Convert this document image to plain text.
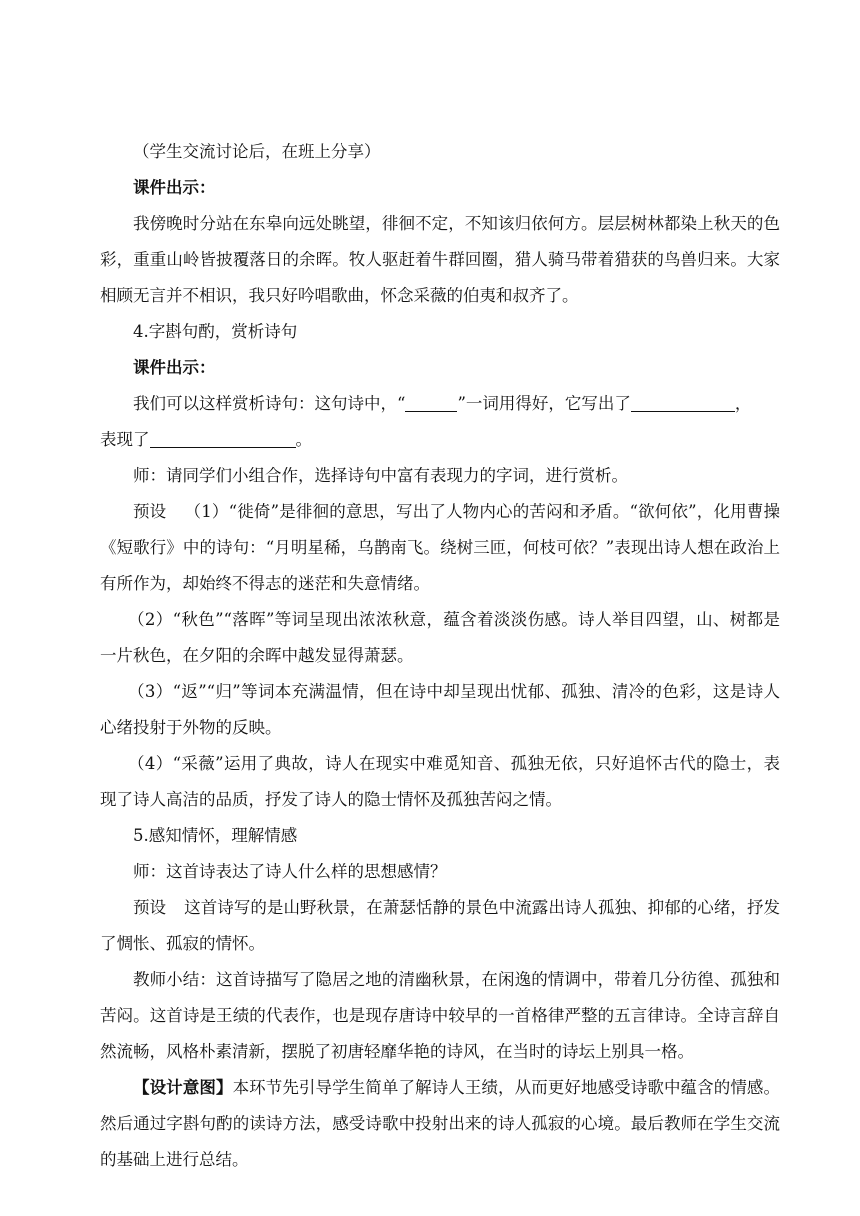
（学生交流讨论后，在班上分享）

课件出示：

我傍晚时分站在东皋向远处眺望，徘徊不定，不知该归依何方。层层树林都染上秋天的色彩，重重山岭皆披覆落日的余晖。牧人驱赶着牛群回圈，猎人骑马带着猎获的鸟兽归来。大家相顾无言并不相识，我只好吟唱歌曲，怀念采薇的伯夷和叔齐了。

4.字斟句酌，赏析诗句

课件出示：

我们可以这样赏析诗句：这句诗中，“	”一词用得好，它写出了	，

表现了	。

师：请同学们小组合作，选择诗句中富有表现力的字词，进行赏析。

预设 （1）“徙倚”是徘徊的意思，写出了人物内心的苦闷和矛盾。“欲何依”，化用曹操《短歌行》中的诗句：“月明星稀，乌鹊南飞。绕树三匝，何枝可依？”表现出诗人想在政治上有所作为，却始终不得志的迷茫和失意情绪。

（2）“秋色”“落晖”等词呈现出浓浓秋意，蕴含着淡淡伤感。诗人举目四望，山、树都是一片秋色，在夕阳的余晖中越发显得萧瑟。

（3）“返”“归”等词本充满温情，但在诗中却呈现出忧郁、孤独、清冷的色彩，这是诗人心绪投射于外物的反映。

（4）“采薇”运用了典故，诗人在现实中难觅知音、孤独无依，只好追怀古代的隐士，表现了诗人高洁的品质，抒发了诗人的隐士情怀及孤独苦闷之情。

5.感知情怀，理解情感

师：这首诗表达了诗人什么样的思想感情？

预设 这首诗写的是山野秋景，在萧瑟恬静的景色中流露出诗人孤独、抑郁的心绪，抒发了惆怅、孤寂的情怀。

教师小结：这首诗描写了隐居之地的清幽秋景，在闲逸的情调中，带着几分彷徨、孤独和苦闷。这首诗是王绩的代表作，也是现存唐诗中较早的一首格律严整的五言律诗。全诗言辞自然流畅，风格朴素清新，摆脱了初唐轻靡华艳的诗风，在当时的诗坛上别具一格。

【设计意图】本环节先引导学生简单了解诗人王绩，从而更好地感受诗歌中蕴含的情感。然后通过字斟句酌的读诗方法，感受诗歌中投射出来的诗人孤寂的心境。最后教师在学生交流的基础上进行总结。
